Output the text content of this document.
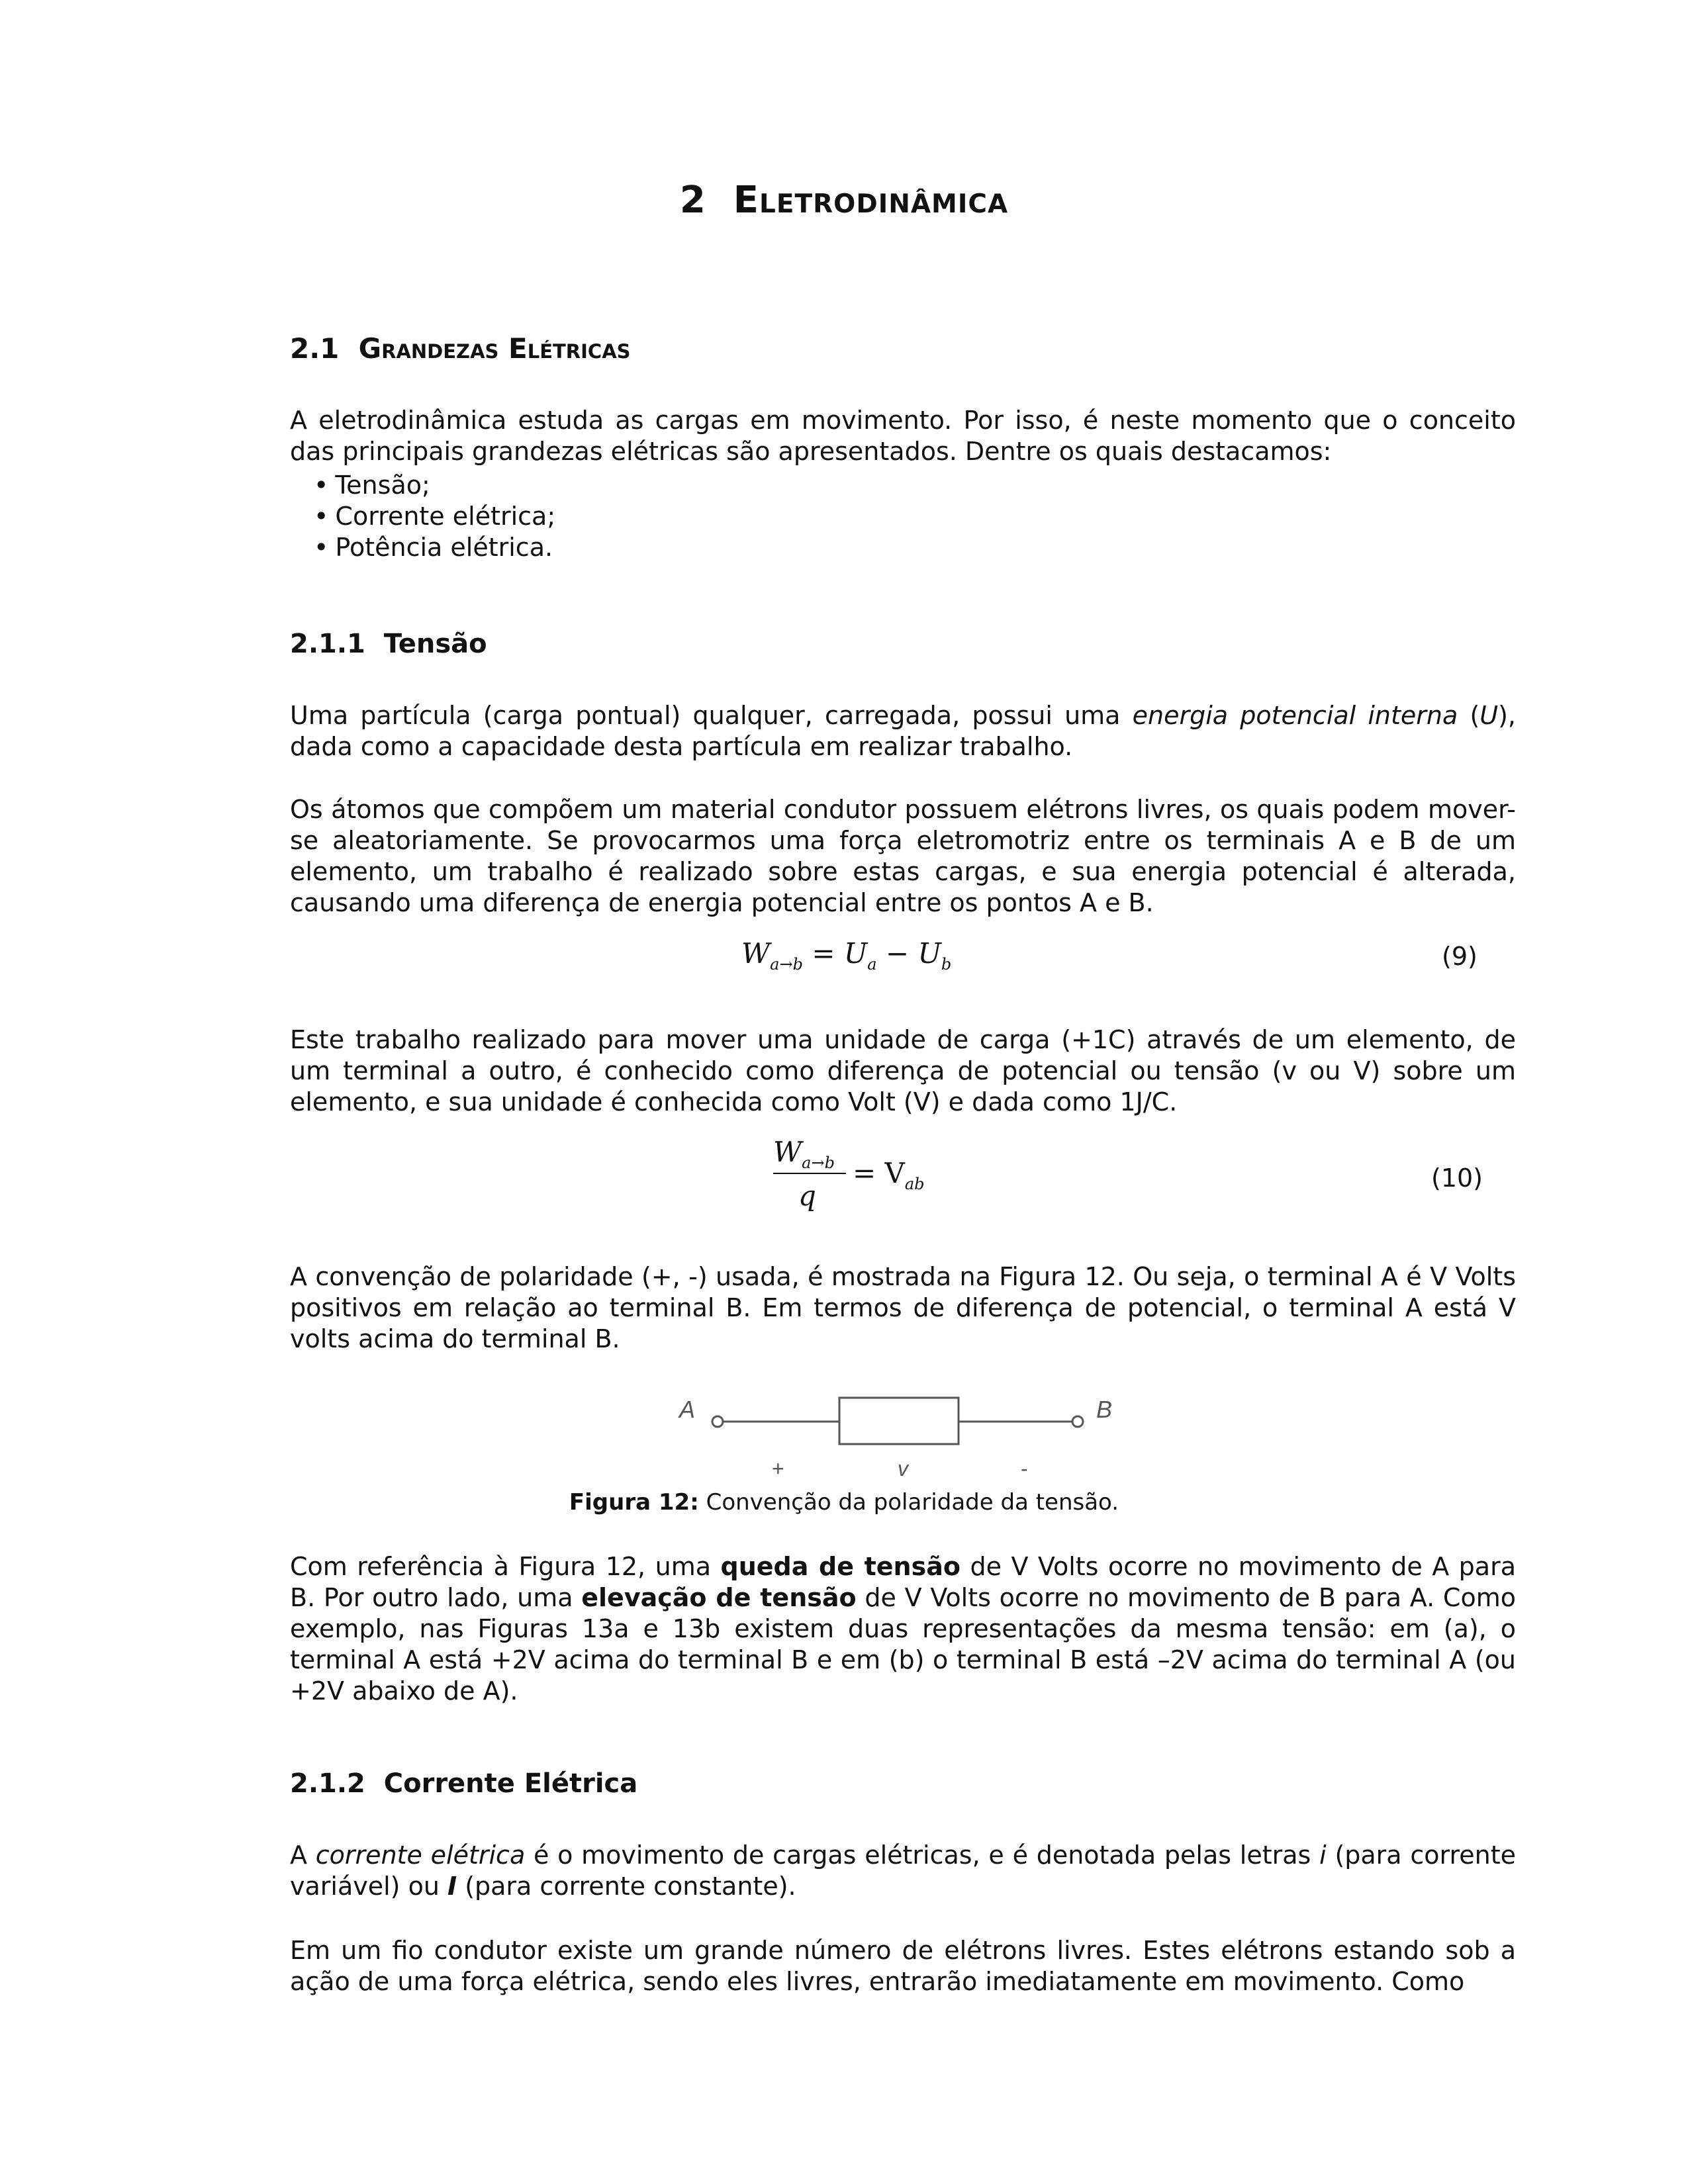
2 Eletrodinâmica
2.1 Grandezas Elétricas

A eletrodinâmica estuda as cargas em movimento. Por isso, é neste momento que o conceito das principais grandezas elétricas são apresentados. Dentre os quais destacamos:

• Tensão;
• Corrente elétrica;
• Potência elétrica.
2.1.1 Tensão

Uma partícula (carga pontual) qualquer, carregada, possui uma energia potencial interna (U), dada como a capacidade desta partícula em realizar trabalho.

Os átomos que compõem um material condutor possuem elétrons livres, os quais podem mover-se aleatoriamente. Se provocarmos uma força eletromotriz entre os terminais A e B de um elemento, um trabalho é realizado sobre estas cargas, e sua energia potencial é alterada, causando uma diferença de energia potencial entre os pontos A e B.

$W_{a\to b} = U_a - U_b$	(9)

Este trabalho realizado para mover uma unidade de carga (+1C) através de um elemento, de um terminal a outro, é conhecido como diferença de potencial ou tensão (v ou V) sobre um elemento, e sua unidade é conhecida como Volt (V) e dada como 1J/C.

$W_{a\to b}$
q
= $V_{ab}$	(10)

A convenção de polaridade (+, -) usada, é mostrada na Figura 12. Ou seja, o terminal A é V Volts positivos em relação ao terminal B. Em termos de diferença de potencial, o terminal A está V volts acima do terminal B.

A	B
+	v	-
Figura 12: Convenção da polaridade da tensão.

Com referência à Figura 12, uma queda de tensão de V Volts ocorre no movimento de A para B. Por outro lado, uma elevação de tensão de V Volts ocorre no movimento de B para A. Como exemplo, nas Figuras 13a e 13b existem duas representações da mesma tensão: em (a), o terminal A está +2V acima do terminal B e em (b) o terminal B está –2V acima do terminal A (ou +2V abaixo de A).

2.1.2 Corrente Elétrica

A corrente elétrica é o movimento de cargas elétricas, e é denotada pelas letras i (para corrente variável) ou I (para corrente constante).

Em um fio condutor existe um grande número de elétrons livres. Estes elétrons estando sob a ação de uma força elétrica, sendo eles livres, entrarão imediatamente em movimento. Como
